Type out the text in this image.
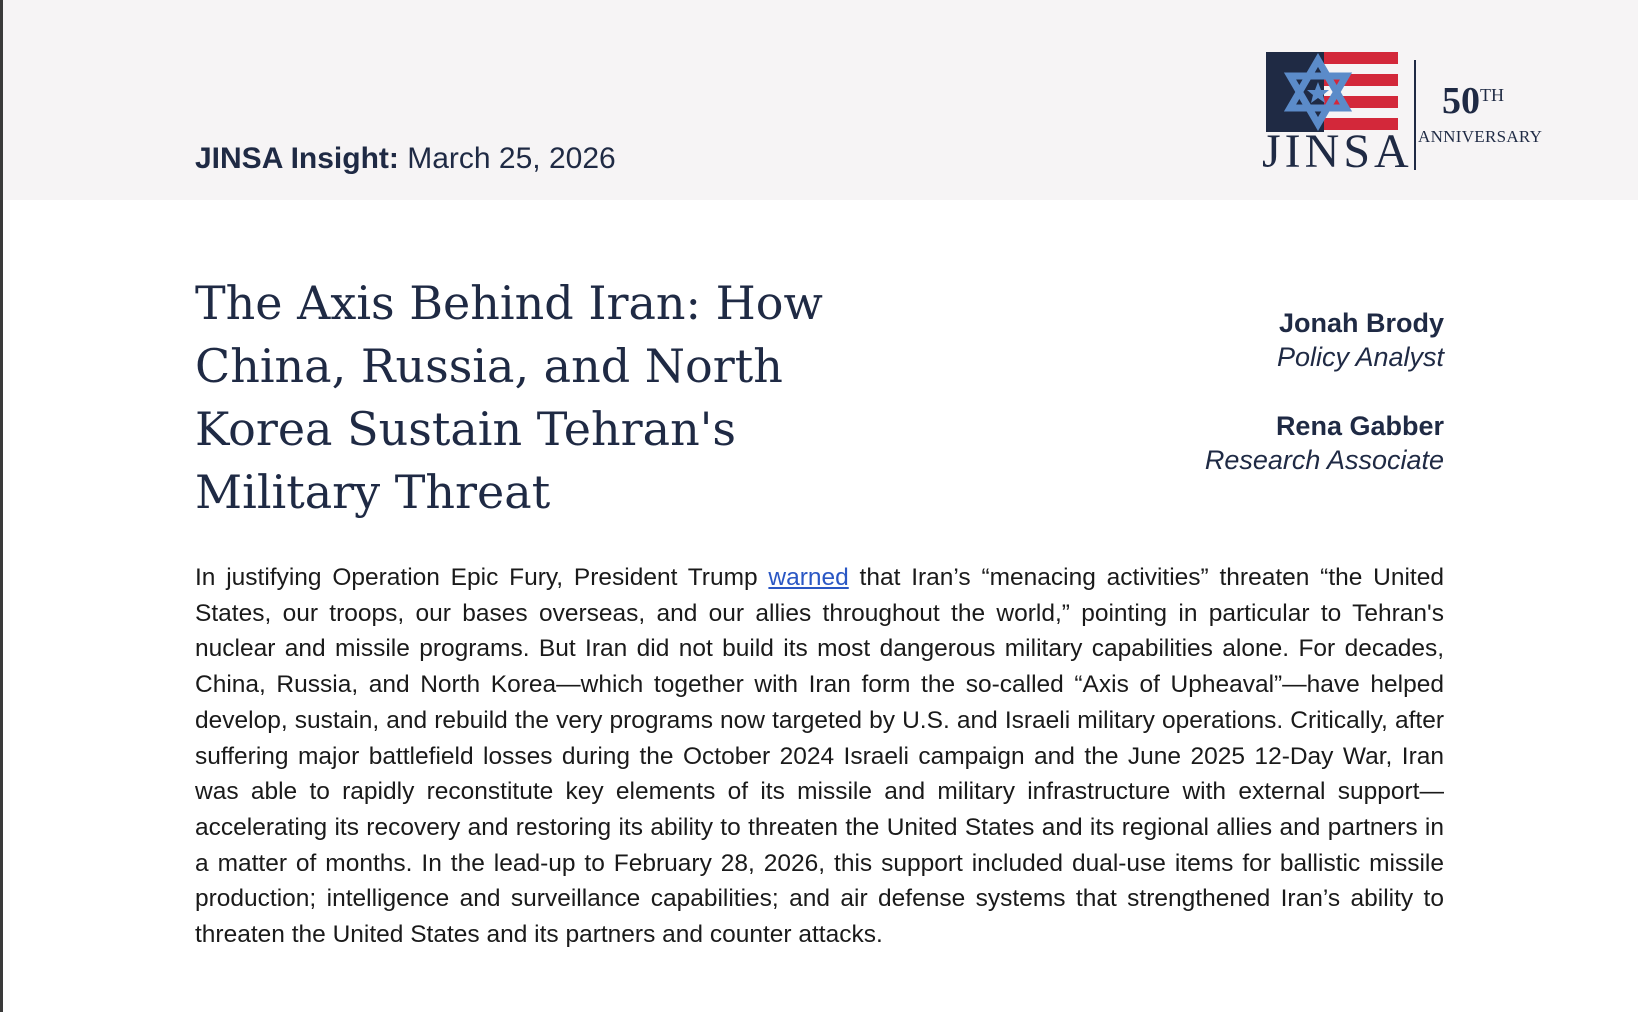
JINSA Insight: March 25, 2026	JINSA
50TH
ANNIVERSARY
The Axis Behind Iran: How China, Russia, and North Korea Sustain Tehran's Military Threat
Jonah Brody
Policy Analyst
Rena Gabber
Research Associate

In justifying Operation Epic Fury, President Trump warned that Iran’s “menacing activities” threaten “the United States, our troops, our bases overseas, and our allies throughout the world,” pointing in particular to Tehran's nuclear and missile programs. But Iran did not build its most dangerous military capabilities alone. For decades, China, Russia, and North Korea—which together with Iran form the so-called “Axis of Upheaval”—have helped develop, sustain, and rebuild the very programs now targeted by U.S. and Israeli military operations. Critically, after suffering major battlefield losses during the October 2024 Israeli campaign and the June 2025 12-Day War, Iran was able to rapidly reconstitute key elements of its missile and military infrastructure with external support—accelerating its recovery and restoring its ability to threaten the United States and its regional allies and partners in a matter of months. In the lead-up to February 28, 2026, this support included dual-use items for ballistic missile production; intelligence and surveillance capabilities; and air defense systems that strengthened Iran’s ability to threaten the United States and its partners and counter attacks.
